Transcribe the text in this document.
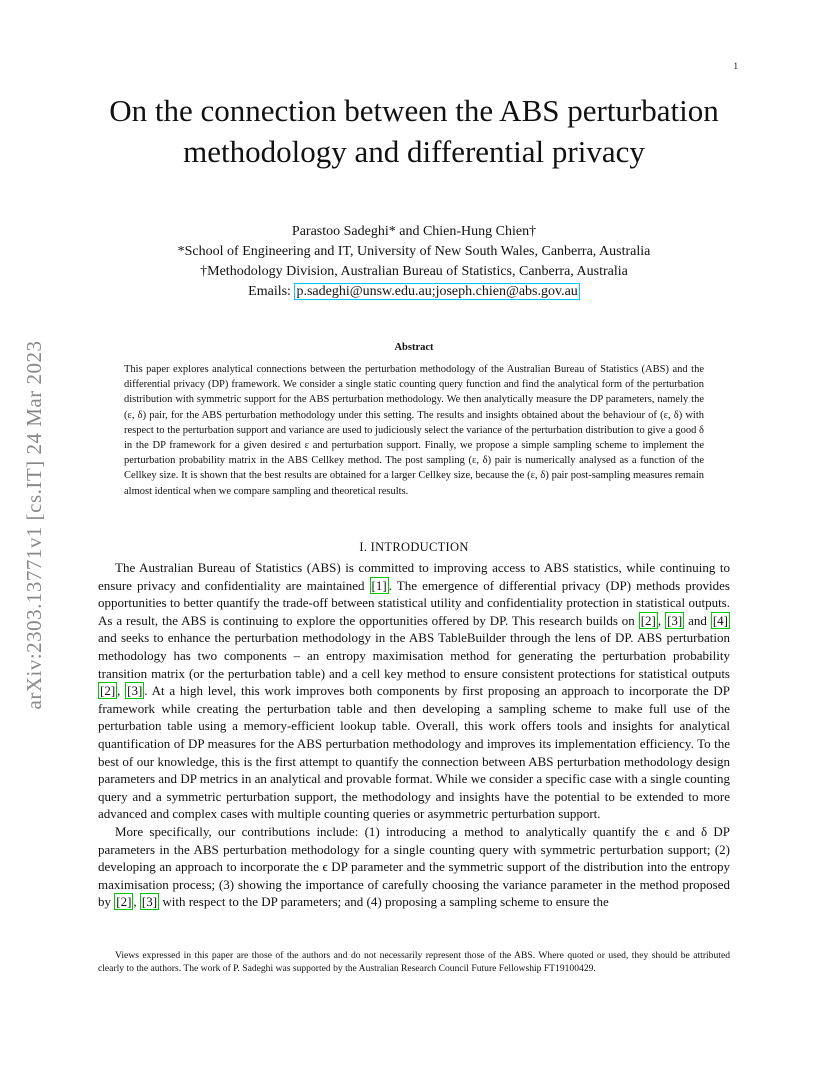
1
arXiv:2303.13771v1 [cs.IT] 24 Mar 2023
On the connection between the ABS perturbation methodology and differential privacy
Parastoo Sadeghi* and Chien-Hung Chien†
*School of Engineering and IT, University of New South Wales, Canberra, Australia
†Methodology Division, Australian Bureau of Statistics, Canberra, Australia
Emails: p.sadeghi@unsw.edu.au;joseph.chien@abs.gov.au
Abstract

This paper explores analytical connections between the perturbation methodology of the Australian Bureau of Statistics (ABS) and the differential privacy (DP) framework. We consider a single static counting query function and find the analytical form of the perturbation distribution with symmetric support for the ABS perturbation methodology. We then analytically measure the DP parameters, namely the (ε, δ) pair, for the ABS perturbation methodology under this setting. The results and insights obtained about the behaviour of (ε, δ) with respect to the perturbation support and variance are used to judiciously select the variance of the perturbation distribution to give a good δ in the DP framework for a given desired ε and perturbation support. Finally, we propose a simple sampling scheme to implement the perturbation probability matrix in the ABS Cellkey method. The post sampling (ε, δ) pair is numerically analysed as a function of the Cellkey size. It is shown that the best results are obtained for a larger Cellkey size, because the (ε, δ) pair post-sampling measures remain almost identical when we compare sampling and theoretical results.

I. INTRODUCTION

The Australian Bureau of Statistics (ABS) is committed to improving access to ABS statistics, while continuing to ensure privacy and confidentiality are maintained [1] . The emergence of differential privacy (DP) methods provides opportunities to better quantify the trade-off between statistical utility and confidentiality protection in statistical outputs. As a result, the ABS is continuing to explore the opportunities offered by DP. This research builds on [2] , [3] and [4] and seeks to enhance the perturbation methodology in the ABS TableBuilder through the lens of DP. ABS perturbation methodology has two components – an entropy maximisation method for generating the perturbation probability transition matrix (or the perturbation table) and a cell key method to ensure consistent protections for statistical outputs [2] , [3] . At a high level, this work improves both components by first proposing an approach to incorporate the DP framework while creating the perturbation table and then developing a sampling scheme to make full use of the perturbation table using a memory-efficient lookup table. Overall, this work offers tools and insights for analytical quantification of DP measures for the ABS perturbation methodology and improves its implementation efficiency. To the best of our knowledge, this is the first attempt to quantify the connection between ABS perturbation methodology design parameters and DP metrics in an analytical and provable format. While we consider a specific case with a single counting query and a symmetric perturbation support, the methodology and insights have the potential to be extended to more advanced and complex cases with multiple counting queries or asymmetric perturbation support.

More specifically, our contributions include: (1) introducing a method to analytically quantify the ϵ and δ DP parameters in the ABS perturbation methodology for a single counting query with symmetric perturbation support; (2) developing an approach to incorporate the ϵ DP parameter and the symmetric support of the distribution into the entropy maximisation process; (3) showing the importance of carefully choosing the variance parameter in the method proposed by [2] , [3] with respect to the DP parameters; and (4) proposing a sampling scheme to ensure the

Views expressed in this paper are those of the authors and do not necessarily represent those of the ABS. Where quoted or used, they should be attributed clearly to the authors. The work of P. Sadeghi was supported by the Australian Research Council Future Fellowship FT19100429.
